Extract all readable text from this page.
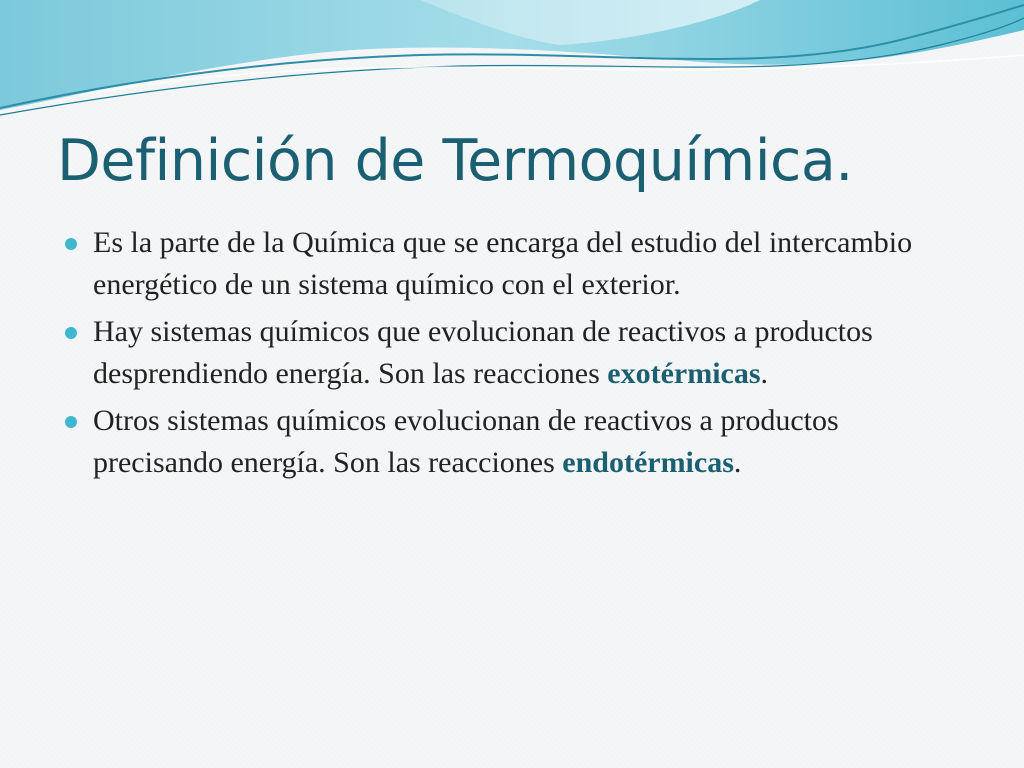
Definición de Termoquímica.
Es la parte de la Química que se encarga del estudio del intercambio energético de un sistema químico con el exterior.
Hay sistemas químicos que evolucionan de reactivos a productos desprendiendo energía. Son las reacciones exotérmicas.
Otros sistemas químicos evolucionan de reactivos a productos precisando energía. Son las reacciones endotérmicas.
